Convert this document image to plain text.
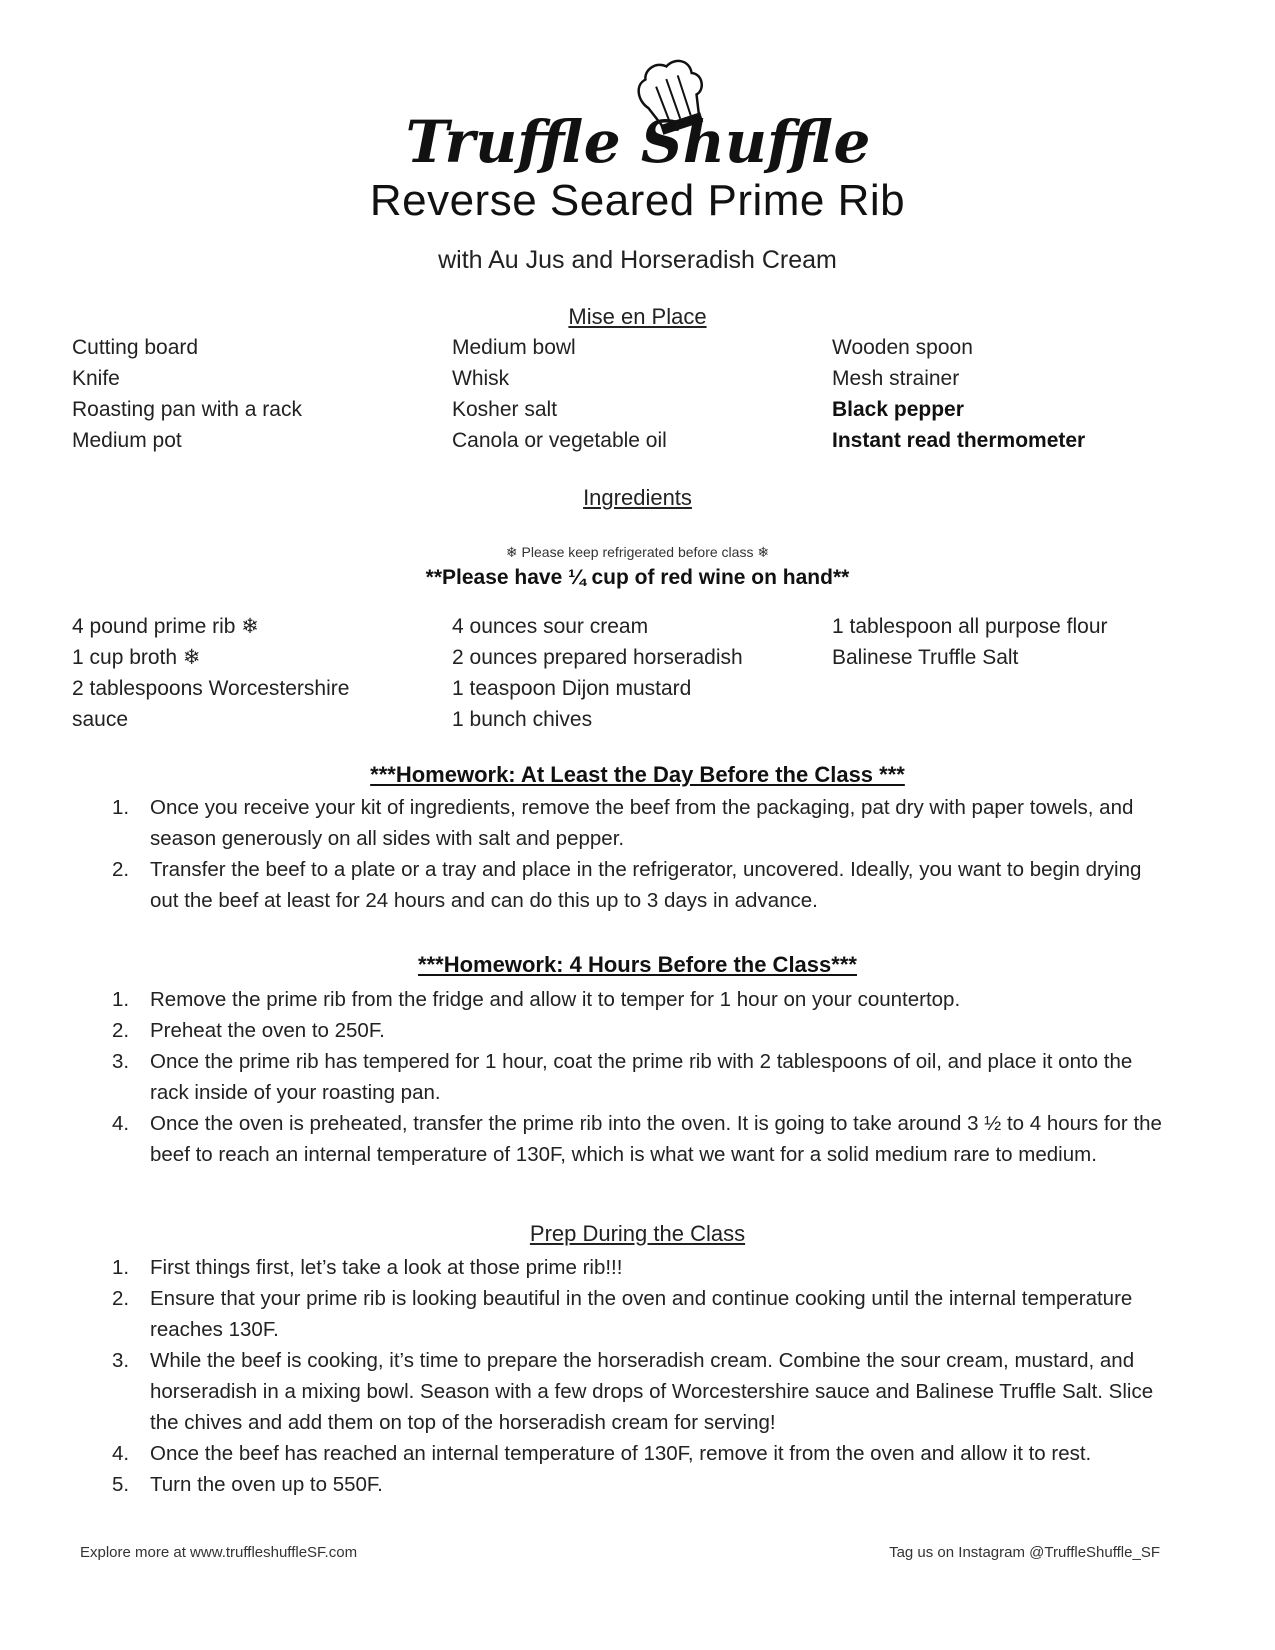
Truffle Shuffle
Reverse Seared Prime Rib
with Au Jus and Horseradish Cream
Mise en Place
Cutting board
Knife
Roasting pan with a rack
Medium pot
Medium bowl
Whisk
Kosher salt
Canola or vegetable oil
Wooden spoon
Mesh strainer
Black pepper
Instant read thermometer
Ingredients
❄ Please keep refrigerated before class ❄
**Please have ¼ cup of red wine on hand**
4 pound prime rib ❄
1 cup broth ❄
2 tablespoons Worcestershire sauce
4 ounces sour cream
2 ounces prepared horseradish
1 teaspoon Dijon mustard
1 bunch chives
1 tablespoon all purpose flour
Balinese Truffle Salt
***Homework: At Least the Day Before the Class ***
1. Once you receive your kit of ingredients, remove the beef from the packaging, pat dry with paper towels, and season generously on all sides with salt and pepper.
2. Transfer the beef to a plate or a tray and place in the refrigerator, uncovered. Ideally, you want to begin drying out the beef at least for 24 hours and can do this up to 3 days in advance.
***Homework: 4 Hours Before the Class***
1. Remove the prime rib from the fridge and allow it to temper for 1 hour on your countertop.
2. Preheat the oven to 250F.
3. Once the prime rib has tempered for 1 hour, coat the prime rib with 2 tablespoons of oil, and place it onto the rack inside of your roasting pan.
4. Once the oven is preheated, transfer the prime rib into the oven. It is going to take around 3 ½ to 4 hours for the beef to reach an internal temperature of 130F, which is what we want for a solid medium rare to medium.
Prep During the Class
1. First things first, let’s take a look at those prime rib!!!
2. Ensure that your prime rib is looking beautiful in the oven and continue cooking until the internal temperature reaches 130F.
3. While the beef is cooking, it’s time to prepare the horseradish cream. Combine the sour cream, mustard, and horseradish in a mixing bowl. Season with a few drops of Worcestershire sauce and Balinese Truffle Salt. Slice the chives and add them on top of the horseradish cream for serving!
4. Once the beef has reached an internal temperature of 130F, remove it from the oven and allow it to rest.
5. Turn the oven up to 550F.
Explore more at www.truffleshuffleSF.com	Tag us on Instagram @TruffleShuffle_SF
